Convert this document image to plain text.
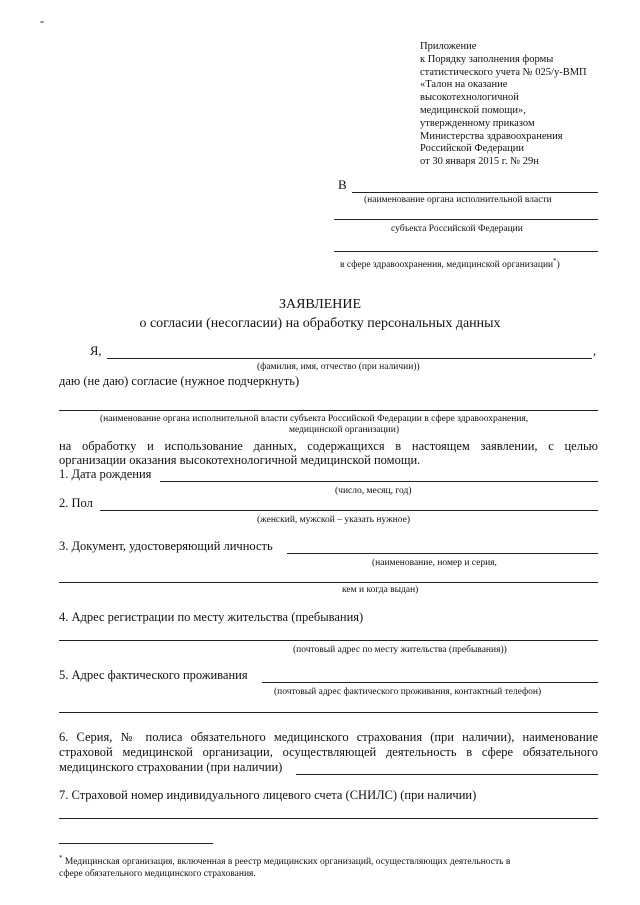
-
Приложение
к Порядку заполнения формы
статистического учета № 025/у-ВМП
«Талон на оказание
высокотехнологичной
медицинской помощи»,
утвержденному приказом
Министерства здравоохранения
Российской Федерации
от 30 января 2015 г. № 29н
В
(наименование органа исполнительной власти
субъекта Российской Федерации
в сфере здравоохранения, медицинской организации*)
ЗАЯВЛЕНИЕ
о согласии (несогласии) на обработку персональных данных
Я,	,
(фамилия, имя, отчество (при наличии))
даю (не даю) согласие (нужное подчеркнуть)
(наименование органа исполнительной власти субъекта Российской Федерации в сфере здравоохранения,
медицинской организации)
на обработку и использование данных, содержащихся в настоящем заявлении, с целью
организации оказания высокотехнологичной медицинской помощи.
1. Дата рождения
(число, месяц, год)
2. Пол
(женский, мужской – указать нужное)
3. Документ, удостоверяющий личность
(наименование, номер и серия,
кем и когда выдан)
4. Адрес регистрации по месту жительства (пребывания)
(почтовый адрес по месту жительства (пребывания))
5. Адрес фактического проживания
(почтовый адрес фактического проживания, контактный телефон)
6. Серия, № полиса обязательного медицинского страхования (при наличии), наименование
страховой медицинской организации, осуществляющей деятельность в сфере обязательного
медицинского страховании (при наличии)
7. Страховой номер индивидуального лицевого счета (СНИЛС) (при наличии)
* Медицинская организация, включенная в реестр медицинских организаций, осуществляющих деятельность в
сфере обязательного медицинского страхования.
